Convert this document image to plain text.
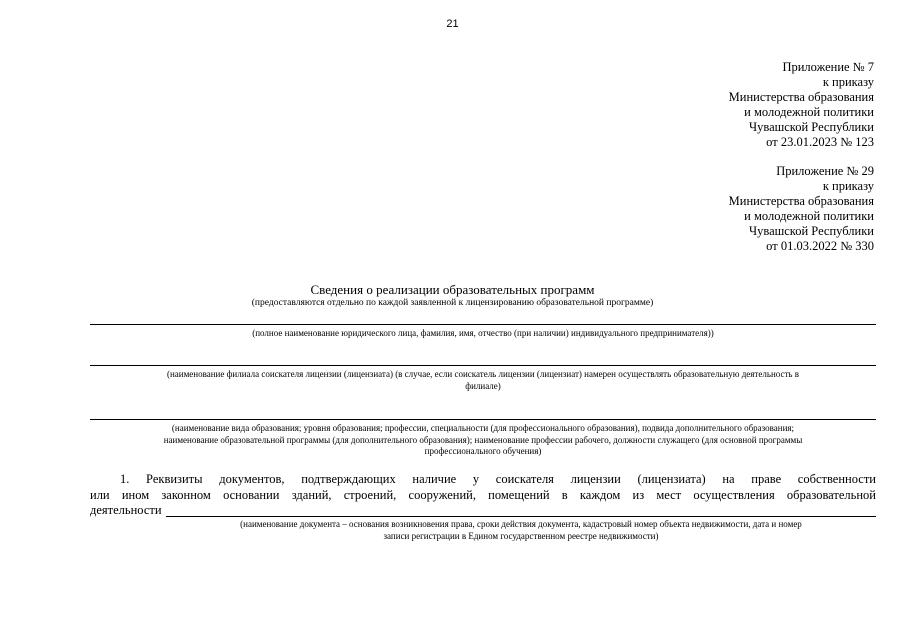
21
Приложение № 7
к приказу
Министерства образования
и молодежной политики
Чувашской Республики
от 23.01.2023 № 123
Приложение № 29
к приказу
Министерства образования
и молодежной политики
Чувашской Республики
от 01.03.2022 № 330
Сведения о реализации образовательных программ
(предоставляются отдельно по каждой заявленной к лицензированию образовательной программе)
(полное наименование юридического лица, фамилия, имя, отчество (при наличии) индивидуального предпринимателя))
(наименование филиала соискателя лицензии (лицензиата) (в случае, если соискатель лицензии (лицензиат) намерен осуществлять образовательную деятельность в
филиале)
(наименование вида образования; уровня образования; профессии, специальности (для профессионального образования), подвида дополнительного образования;
наименование образовательной программы (для дополнительного образования); наименование профессии рабочего, должности служащего (для основной программы
профессионального обучения)
1. Реквизиты документов, подтверждающих наличие у соискателя лицензии (лицензиата) на праве собственности
или ином законном основании зданий, строений, сооружений, помещений в каждом из мест осуществления образовательной
деятельности
(наименование документа – основания возникновения права, сроки действия документа, кадастровый номер объекта недвижимости, дата и номер
записи регистрации в Едином государственном реестре недвижимости)
